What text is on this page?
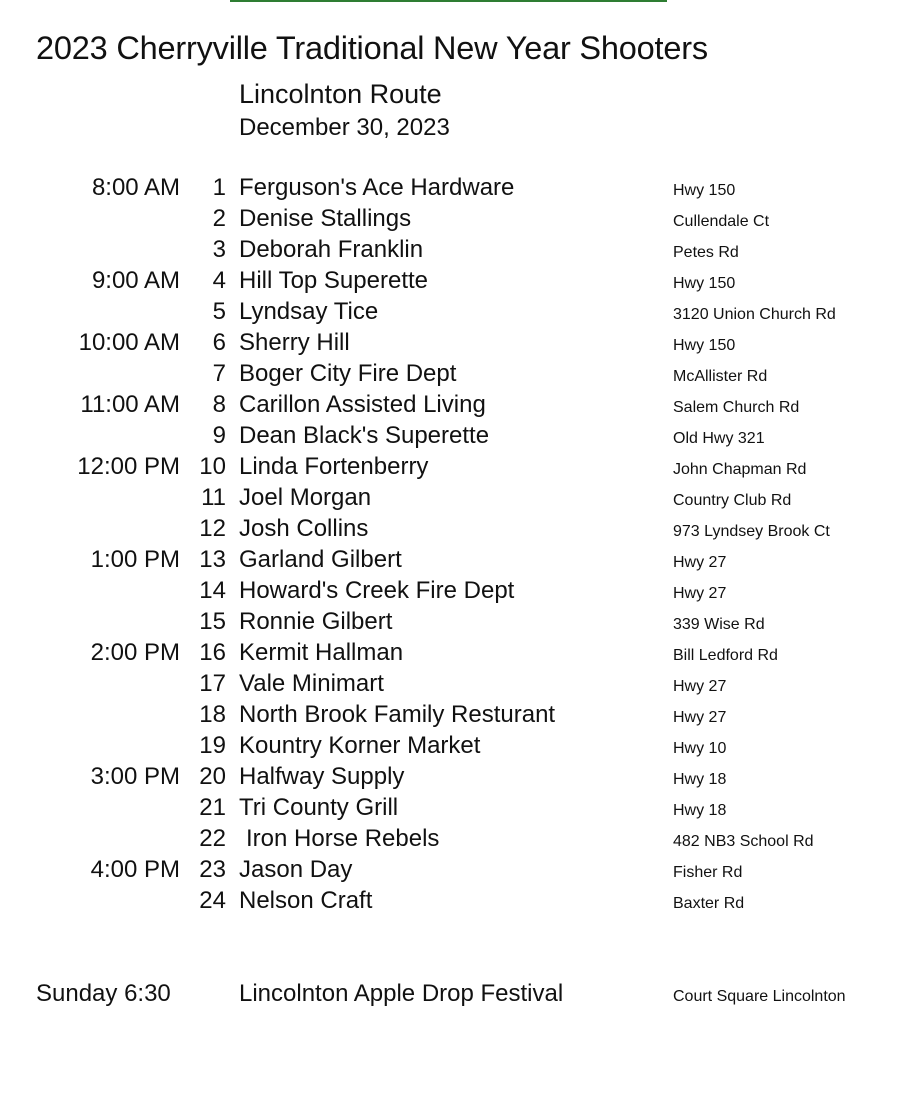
2023 Cherryville Traditional New Year Shooters
Lincolnton Route
December 30, 2023
8:00 AM 1 Ferguson's Ace Hardware	Hwy 150
2 Denise Stallings	Cullendale Ct
3 Deborah Franklin	Petes Rd
9:00 AM 4 Hill Top Superette	Hwy 150
5 Lyndsay Tice	3120 Union Church Rd
10:00 AM 6 Sherry Hill	Hwy 150
7 Boger City Fire Dept	McAllister Rd
11:00 AM 8 Carillon Assisted Living	Salem Church Rd
9 Dean Black's Superette	Old Hwy 321
12:00 PM 10 Linda Fortenberry	John Chapman Rd
11 Joel Morgan	Country Club Rd
12 Josh Collins	973 Lyndsey Brook Ct
1:00 PM 13 Garland Gilbert	Hwy 27
14 Howard's Creek Fire Dept	Hwy 27
15 Ronnie Gilbert	339 Wise Rd
2:00 PM 16 Kermit Hallman	Bill Ledford Rd
17 Vale Minimart	Hwy 27
18 North Brook Family Resturant	Hwy 27
19 Kountry Korner Market	Hwy 10
3:00 PM 20 Halfway Supply	Hwy 18
21 Tri County Grill	Hwy 18
22 Iron Horse Rebels	482 NB3 School Rd
4:00 PM 23 Jason Day	Fisher Rd
24 Nelson Craft	Baxter Rd
Sunday 6:30	Lincolnton Apple Drop Festival	Court Square Lincolnton
